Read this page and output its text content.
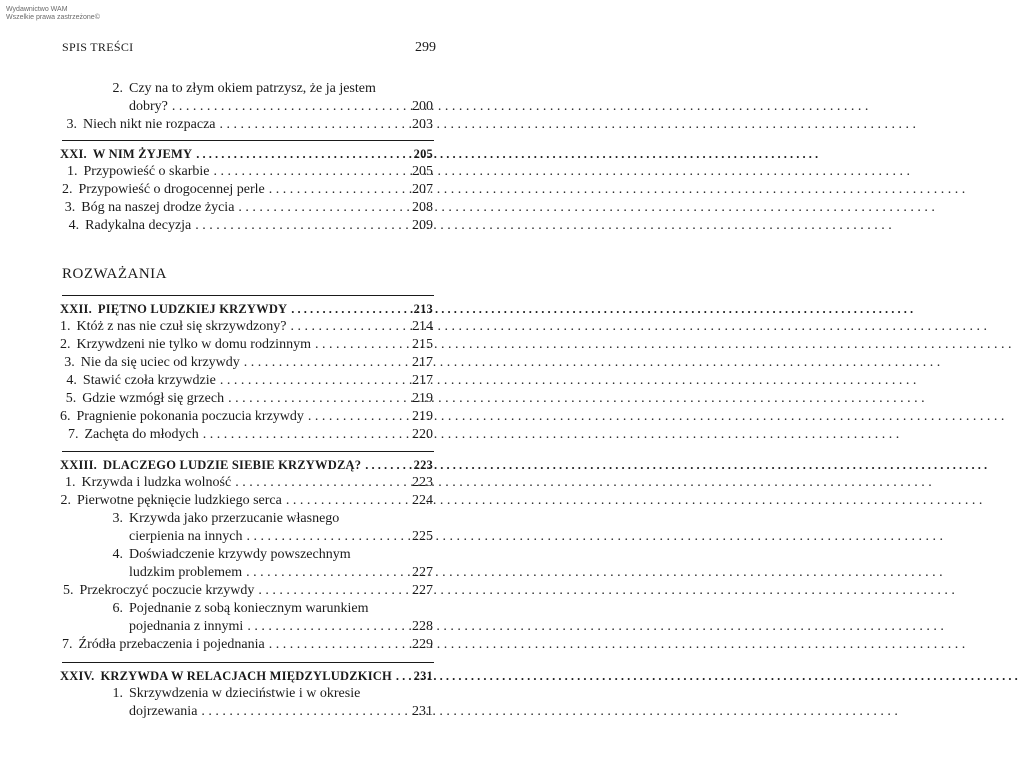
Wydawnictwo WAM
Wszelkie prawa zastrzeżone©
SPIS TREŚCI	299
ROZWAŻANIA
2. Czy na to złym okiem patrzysz, że ja jestem
dobry? . . .	200
3. Niech nikt nie rozpacza . . .	203
XXI. W NIM ŻYJEMY . . .	205
1. Przypowieść o skarbie . . .	205
2. Przypowieść o drogocennej perle . . .	207
3. Bóg na naszej drodze życia . . .	208
4. Radykalna decyzja . . .	209
XXII. PIĘTNO LUDZKIEJ KRZYWDY . . .	213
1. Któż z nas nie czuł się skrzywdzony? . . .	214
2. Krzywdzeni nie tylko w domu rodzinnym . . .	215
3. Nie da się uciec od krzywdy . . .	217
4. Stawić czoła krzywdzie . . .	217
5. Gdzie wzmógł się grzech . . .	219
6. Pragnienie pokonania poczucia krzywdy . . .	219
7. Zachęta do młodych . . .	220
XXIII. DLACZEGO LUDZIE SIEBIE KRZYWDZĄ? . . .	223
1. Krzywda i ludzka wolność . . .	223
2. Pierwotne pęknięcie ludzkiego serca . . .	224
3. Krzywda jako przerzucanie własnego
cierpienia na innych . . .	225
4. Doświadczenie krzywdy powszechnym
ludzkim problemem . . .	227
5. Przekroczyć poczucie krzywdy . . .	227
6. Pojednanie z sobą koniecznym warunkiem
pojednania z innymi . . .	228
7. Źródła przebaczenia i pojednania . . .	229
XXIV. KRZYWDA W RELACJACH MIĘDZYLUDZKICH . . . 231
1. Skrzywdzenia w dzieciństwie i w okresie
dojrzewania . . .	231
